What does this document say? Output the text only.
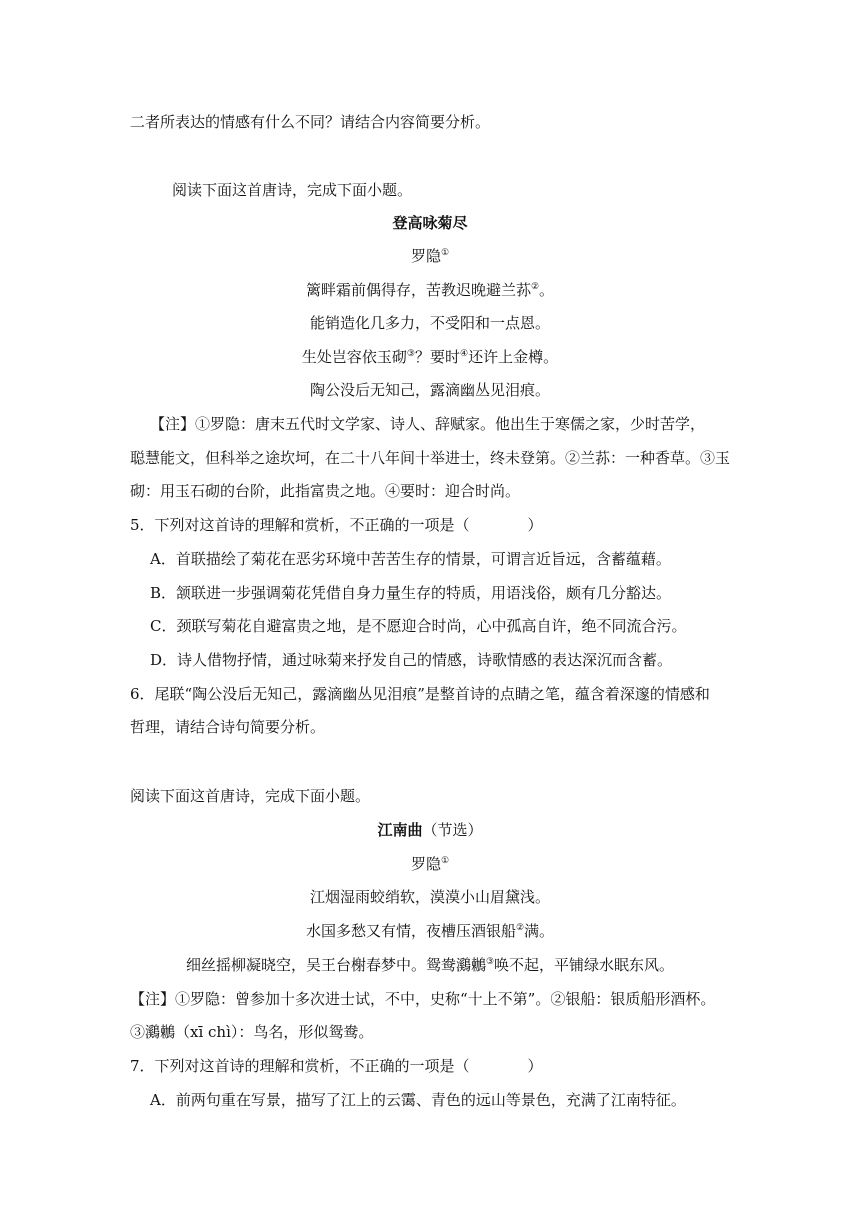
二者所表达的情感有什么不同？请结合内容简要分析。
阅读下面这首唐诗，完成下面小题。
登高咏菊尽
罗隐①
篱畔霜前偶得存，苦教迟晚避兰荪②。
能销造化几多力，不受阳和一点恩。
生处岂容依玉砌③？要时④还许上金樽。
陶公没后无知己，露滴幽丛见泪痕。
【注】①罗隐：唐末五代时文学家、诗人、辞赋家。他出生于寒儒之家，少时苦学，
聪慧能文，但科举之途坎坷，在二十八年间十举进士，终未登第。②兰荪：一种香草。③玉
砌：用玉石砌的台阶，此指富贵之地。④要时：迎合时尚。
5．下列对这首诗的理解和赏析，不正确的一项是（	）
A．首联描绘了菊花在恶劣环境中苦苦生存的情景，可谓言近旨远，含蓄蕴藉。
B．颔联进一步强调菊花凭借自身力量生存的特质，用语浅俗，颇有几分豁达。
C．颈联写菊花自避富贵之地，是不愿迎合时尚，心中孤高自许，绝不同流合污。
D．诗人借物抒情，通过咏菊来抒发自己的情感，诗歌情感的表达深沉而含蓄。
6．尾联“陶公没后无知己，露滴幽丛见泪痕”是整首诗的点睛之笔，蕴含着深邃的情感和
哲理，请结合诗句简要分析。
阅读下面这首唐诗，完成下面小题。
江南曲（节选）
罗隐①
江烟湿雨蛟绡软，漠漠小山眉黛浅。
水国多愁又有情，夜槽压酒银船②满。
细丝摇柳凝晓空，吴王台榭春梦中。鸳鸯鸂鶒③唤不起，平铺绿水眠东风。
【注】①罗隐：曾参加十多次进士试，不中，史称“十上不第”。②银船：银质船形酒杯。
③鸂鶒（xī chì）：鸟名，形似鸳鸯。
7．下列对这首诗的理解和赏析，不正确的一项是（	）
A．前两句重在写景，描写了江上的云霭、青色的远山等景色，充满了江南特征。
